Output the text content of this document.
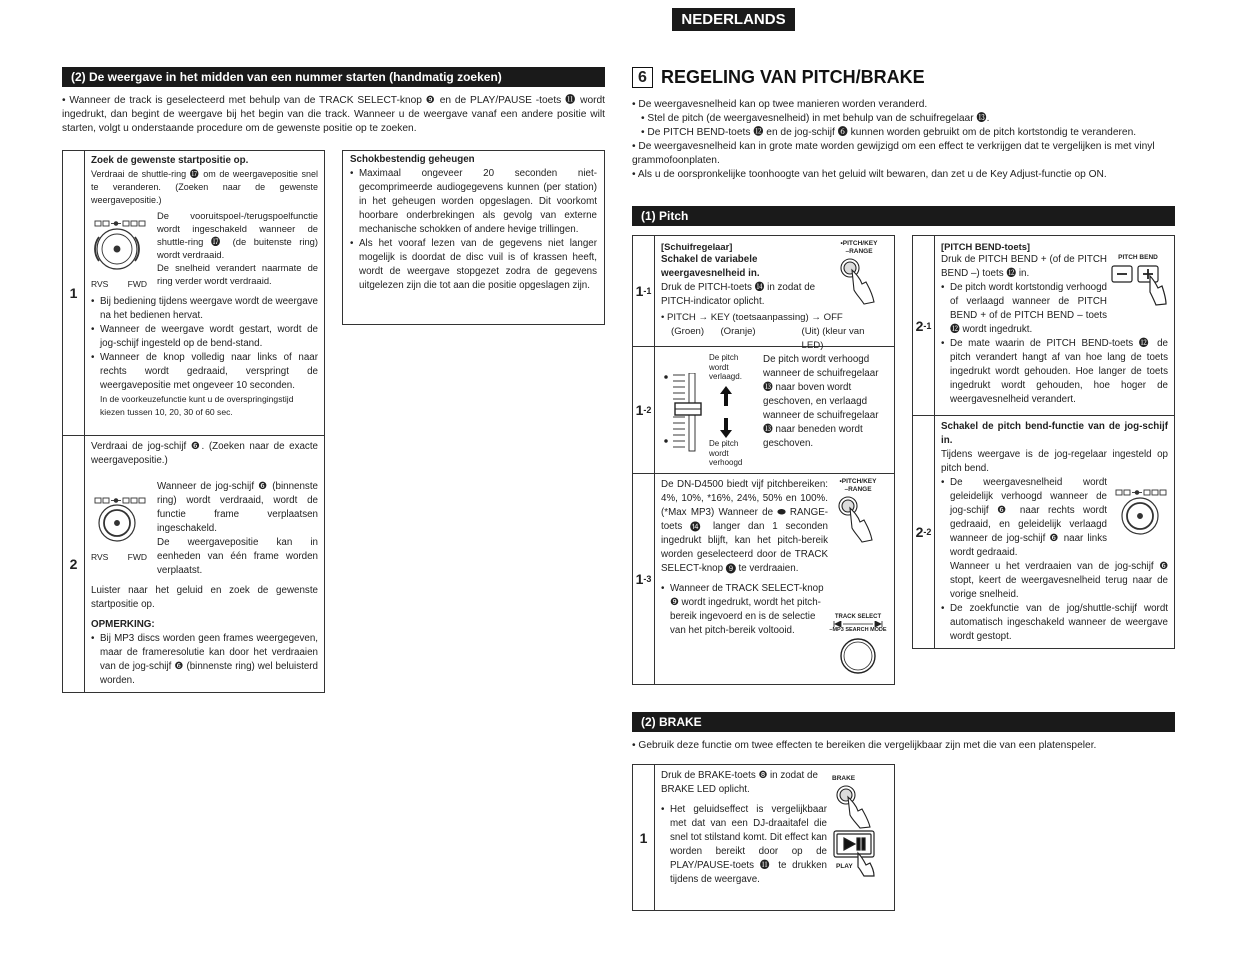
NEDERLANDS
(2) De weergave in het midden van een nummer starten (handmatig zoeken)
• Wanneer de track is geselecteerd met behulp van de TRACK SELECT-knop ❾ en de PLAY/PAUSE -toets ⓫ wordt ingedrukt, dan begint de weergave bij het begin van die track. Wanneer u de weergave vanaf een andere positie wilt starten, volgt u onderstaande procedure om de gewenste positie op te zoeken.
1
Zoek de gewenste startpositie op.
Verdraai de shuttle-ring ⓱ om de weergavepositie snel te veranderen. (Zoeken naar de gewenste weergavepositie.)
RVS FWD
De vooruitspoel-/terugspoelfunctie wordt ingeschakeld wanneer de shuttle-ring ⓱ (de buitenste ring) wordt verdraaid.
De snelheid verandert naarmate de ring verder wordt verdraaid.
• Bij bediening tijdens weergave wordt de weergave na het bedienen hervat.
• Wanneer de weergave wordt gestart, wordt de jog-schijf ingesteld op de bend-stand.
• Wanneer de knop volledig naar links of naar rechts wordt gedraaid, verspringt de weergavepositie met ongeveer 10 seconden.
In de voorkeuzefunctie kunt u de overspringingstijd kiezen tussen 10, 20, 30 of 60 sec.
2
Verdraai de jog-schijf ❻. (Zoeken naar de exacte weergavepositie.)
RVS FWD
Wanneer de jog-schijf ❻ (binnenste ring) wordt verdraaid, wordt de functie frame verplaatsen ingeschakeld.
De weergavepositie kan in eenheden van één frame worden verplaatst.
Luister naar het geluid en zoek de gewenste startpositie op.
OPMERKING:
• Bij MP3 discs worden geen frames weergegeven, maar de frameresolutie kan door het verdraaien van de jog-schijf ❻ (binnenste ring) wel beluisterd worden.
Schokbestendig geheugen
• Maximaal ongeveer 20 seconden niet-gecomprimeerde audiogegevens kunnen (per station) in het geheugen worden opgeslagen. Dit voorkomt hoorbare onderbrekingen als gevolg van externe mechanische schokken of andere hevige trillingen.
• Als het vooraf lezen van de gegevens niet langer mogelijk is doordat de disc vuil is of krassen heeft, wordt de weergave stopgezet zodra de gegevens uitgelezen zijn die tot aan die positie opgeslagen zijn.
6 REGELING VAN PITCH/BRAKE
• De weergavesnelheid kan op twee manieren worden veranderd.
• Stel de pitch (de weergavesnelheid) in met behulp van de schuifregelaar ⓭.
• De PITCH BEND-toets ⓬ en de jog-schijf ❻ kunnen worden gebruikt om de pitch kortstondig te veranderen.
• De weergavesnelheid kan in grote mate worden gewijzigd om een effect te verkrijgen dat te vergelijken is met vinyl grammofoonplaten.
• Als u de oorspronkelijke toonhoogte van het geluid wilt bewaren, dan zet u de Key Adjust-functie op ON.
(1) Pitch
1 -1
[Schuifregelaar]
Schakel de variabele weergavesnelheid in.
Druk de PITCH-toets ⓮ in zodat de PITCH-indicator oplicht.
•PITCH/KEY
–RANGE
• PITCH → KEY (toetsaanpassing) → OFF
(Groen)	(Oranje)	(Uit) (kleur van LED)
1 -2
De pitch wordt verlaagd.
De pitch wordt verhoogd
De pitch wordt verhoogd wanneer de schuifregelaar ⓭ naar boven wordt geschoven, en verlaagd wanneer de schuifregelaar ⓭ naar beneden wordt geschoven.
1 -3
De DN-D4500 biedt vijf pitchbereiken: 4%, 10%, *16%, 24%, 50% en 100%. (*Max MP3) Wanneer de ⬬ RANGE-toets ⓮ langer dan 1 seconden ingedrukt blijft, kan het pitch-bereik worden geselecteerd door de TRACK SELECT-knop ❾ te verdraaien.
• Wanneer de TRACK SELECT-knop ❾ wordt ingedrukt, wordt het pitch-bereik ingevoerd en is de selectie van het pitch-bereik voltooid.
•PITCH/KEY
–RANGE
TRACK SELECT
–MP3 SEARCH MODE
2 -1
[PITCH BEND-toets]
Druk de PITCH BEND + (of de PITCH BEND –) toets ⓬ in.
PITCH BEND
• De pitch wordt kortstondig verhoogd of verlaagd wanneer de PITCH BEND + of de PITCH BEND – toets ⓬ wordt ingedrukt.
• De mate waarin de PITCH BEND-toets ⓬ de pitch verandert hangt af van hoe lang de toets ingedrukt wordt gehouden. Hoe langer de toets ingedrukt wordt gehouden, hoe hoger de weergavesnelheid verandert.
2 -2
Schakel de pitch bend-functie van de jog-schijf in.
Tijdens weergave is de jog-regelaar ingesteld op pitch bend.
• De weergavesnelheid wordt geleidelijk verhoogd wanneer de jog-schijf ❻ naar rechts wordt gedraaid, en geleidelijk verlaagd wanneer de jog-schijf ❻ naar links wordt gedraaid.
Wanneer u het verdraaien van de jog-schijf ❻ stopt, keert de weergavesnelheid terug naar de vorige snelheid.
• De zoekfunctie van de jog/shuttle-schijf wordt automatisch ingeschakeld wanneer de weergave wordt gestopt.
(2) BRAKE
• Gebruik deze functie om twee effecten te bereiken die vergelijkbaar zijn met die van een platenspeler.
1
Druk de BRAKE-toets ❽ in zodat de BRAKE LED oplicht.
• Het geluidseffect is vergelijkbaar met dat van een DJ-draaitafel die snel tot stilstand komt. Dit effect kan worden bereikt door op de PLAY/PAUSE-toets ⓫ te drukken tijdens de weergave.
BRAKE
PLAY
